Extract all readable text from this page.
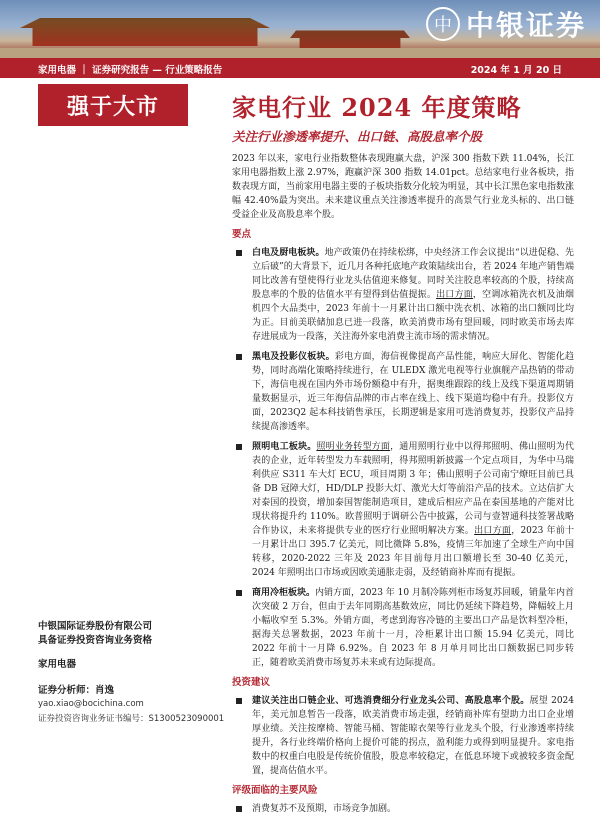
中 中银证券
家用电器 ｜ 证券研究报告 — 行业策略报告	2024 年 1 月 20 日
强于大市	家电行业 2024 年度策略
关注行业渗透率提升、出口链、高股息率个股
中银国际证券股份有限公司
具备证券投资咨询业务资格
家用电器
证券分析师：肖逸
yao.xiao@bocichina.com
证券投资咨询业务证书编号：S1300523090001
2023 年以来，家电行业指数整体表现跑赢大盘，沪深 300 指数下跌 11.04%，长江家用电器指数上涨 2.97%，跑赢沪深 300 指数 14.01pct。总结家电行业各板块，指数表现方面，当前家用电器主要的子板块指数分化较为明显，其中长江黑色家电指数涨幅 42.40%最为突出。未来建议重点关注渗透率提升的高景气行业龙头标的、出口链受益企业及高股息率个股。
要点
白电及厨电板块。地产政策仍在持续松绑，中央经济工作会议提出“以进促稳、先立后破”的大背景下，近几月各种托底地产政策陆续出台，若 2024 年地产销售端同比改善有望使得行业龙头估值迎来修复。同时关注胶息率较高的个股，持续高股息率的个股的估值水平有望得到估值提振。出口方面，空调冰箱洗衣机及油烟机四个大品类中，2023 年前十一月累计出口额中洗衣机、冰箱的出口额同比均为正。目前美联储加息已进一段落，欧美消费市场有望回暖，同时欧美市场去库存进展成为一段落，关注海外家电消费主流市场的需求情况。
黑电及投影仪板块。彩电方面，海信视像提高产品性能，响应大屏化、智能化趋势，同时高端化策略持续进行，在 ULEDX 激光电视等行业旗舰产品热销的带动下，海信电视在国内外市场份额稳中有升，据奥维跟踪的线上及线下渠道周期销量数据显示，近三年海信品牌的市占率在线上、线下渠道均稳中有升。投影仪方面，2023Q2 起本科技销售承压，长期逻辑是家用可选消费复苏，投影仪产品持续提高渗透率。
照明电工板块。照明业务转型方面，通用照明行业中以得邦照明、佛山照明为代表的企业，近年转型发力车载照明，得邦照明新披露一个定点项目，为华中马瑞利供应 S311 车大灯 ECU，项目周期 3 年；佛山照明子公司南宁燎旺目前已具备 DB 冠障大灯，HD/DLP 投影大灯、激光大灯等前沿产品的技术。立达信扩大对泰国的投资，增加泰国智能制造项目，建成后相应产品在泰国基地的产能对比现状将提升约 110%。欧普照明于调研公告中披露，公司与壹智通科技签署战略合作协议，未来将提供专业的医疗行业照明解决方案。出口方面，2023 年前十一月累计出口 395.7 亿美元，同比微降 5.8%，疫情三年加速了全球生产向中国转移，2020-2022 三年及 2023 年目前每月出口额增长至 30-40 亿美元，2024 年照明出口市场或因欧美通胀走弱，及经销商补库而有提振。
商用冷柜板块。内销方面，2023 年 10 月制冷陈列柜市场复苏回暖，销量年内首次突破 2 万台，但由于去年同期高基数效应，同比仍延续下降趋势，降幅较上月小幅收窄至 5.3%。外销方面，考虑到海容冷链的主要出口产品是饮料型冷柜，据海关总署数据，2023 年前十一月，冷柜累计出口额 15.94 亿美元，同比 2022 年前十一月降 6.92%。自 2023 年 8 月单月同比出口额数据已同步转正，随着欧美消费市场复苏未来或有边际提高。
投资建议
建议关注出口链企业、可选消费细分行业龙头公司、高股息率个股。展望 2024 年，美元加息暂告一段落，欧美消费市场走强，经销商补库有望助力出口企业增厚业绩。关注按摩椅、智能马桶、智能晾衣架等行业龙头个股，行业渗透率持续提升，各行业终端价格向上提价可能的拐点，盈利能力或得到明显提升。家电指数中的权重白电股是传统价值股，股息率较稳定，在低息环境下或被较多资金配置，提高估值水平。
评级面临的主要风险
消费复苏不及预期，市场竞争加剧。
